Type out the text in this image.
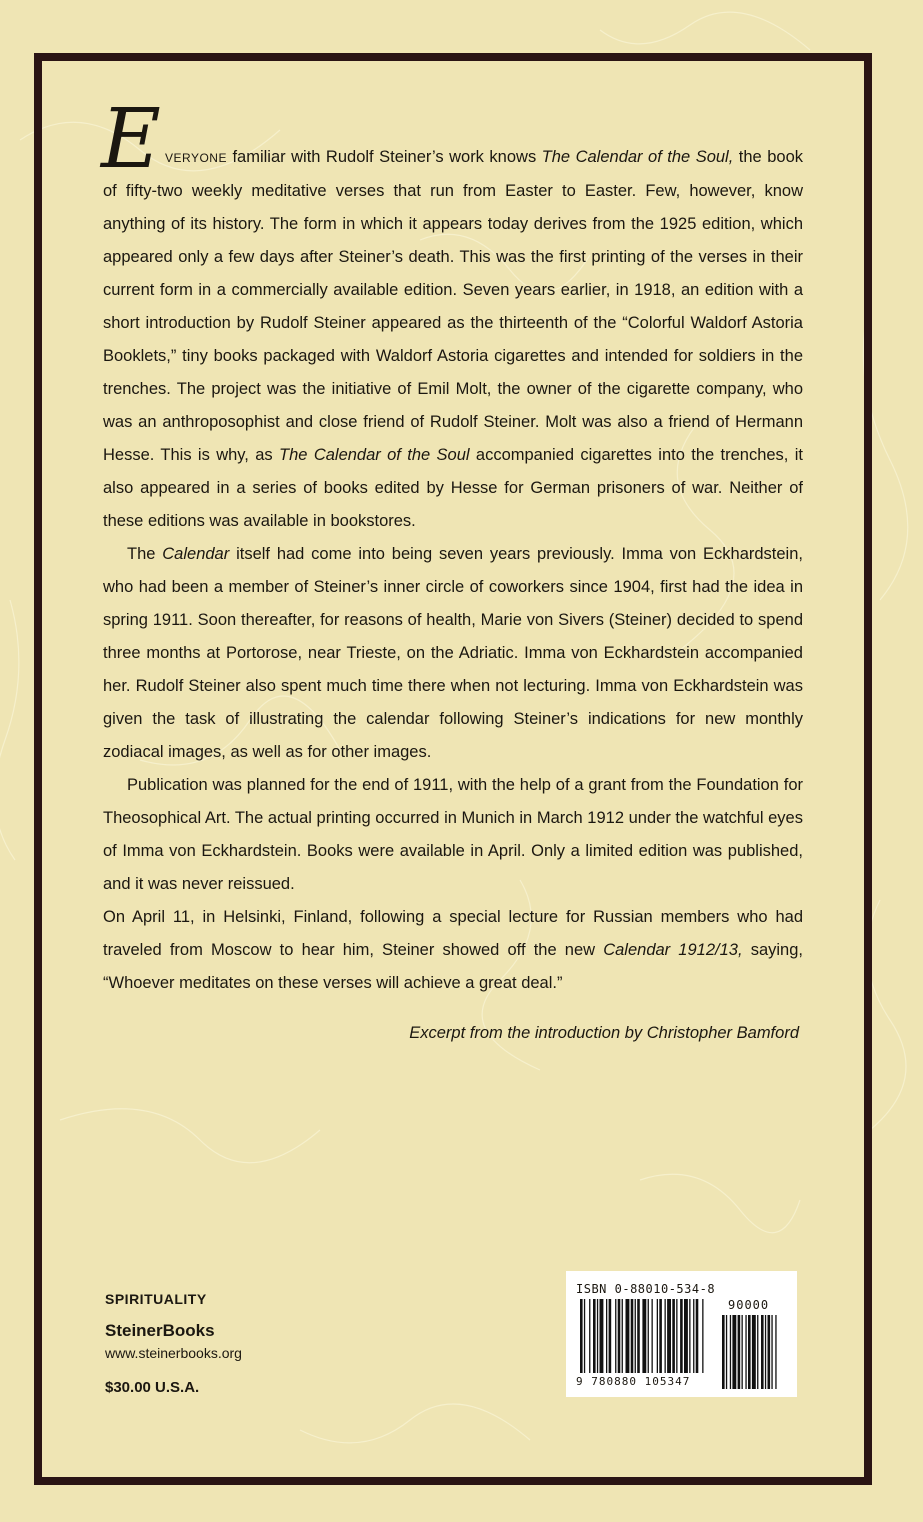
E VERYONE familiar with Rudolf Steiner’s work knows The Calendar of the Soul, the book of fifty-two weekly meditative verses that run from Easter to Easter. Few, however, know anything of its history. The form in which it appears today derives from the 1925 edition, which appeared only a few days after Steiner’s death. This was the first printing of the verses in their current form in a commercially available edition. Seven years earlier, in 1918, an edition with a short introduction by Rudolf Steiner appeared as the thirteenth of the “Colorful Waldorf Astoria Booklets,” tiny books packaged with Waldorf Astoria cigarettes and intended for soldiers in the trenches. The project was the initiative of Emil Molt, the owner of the cigarette company, who was an anthroposophist and close friend of Rudolf Steiner. Molt was also a friend of Hermann Hesse. This is why, as The Calendar of the Soul accompanied cigarettes into the trenches, it also appeared in a series of books edited by Hesse for German prisoners of war. Neither of these editions was available in bookstores.

The Calendar itself had come into being seven years previously. Imma von Eckhardstein, who had been a member of Steiner’s inner circle of coworkers since 1904, first had the idea in spring 1911. Soon thereafter, for reasons of health, Marie von Sivers (Steiner) decided to spend three months at Portorose, near Trieste, on the Adriatic. Imma von Eckhardstein accompanied her. Rudolf Steiner also spent much time there when not lecturing. Imma von Eckhardstein was given the task of illustrating the calendar following Steiner’s indications for new monthly zodiacal images, as well as for other images.

Publication was planned for the end of 1911, with the help of a grant from the Foundation for Theosophical Art. The actual printing occurred in Munich in March 1912 under the watchful eyes of Imma von Eckhardstein. Books were available in April. Only a limited edition was published, and it was never reissued.

On April 11, in Helsinki, Finland, following a special lecture for Russian members who had traveled from Moscow to hear him, Steiner showed off the new Calendar 1912/13, saying, “Whoever meditates on these verses will achieve a great deal.”

Excerpt from the introduction by Christopher Bamford
SPIRITUALITY
SteinerBooks
www.steinerbooks.org
$30.00 U.S.A.
ISBN 0-88010-534-8
90000
9 780880 105347
